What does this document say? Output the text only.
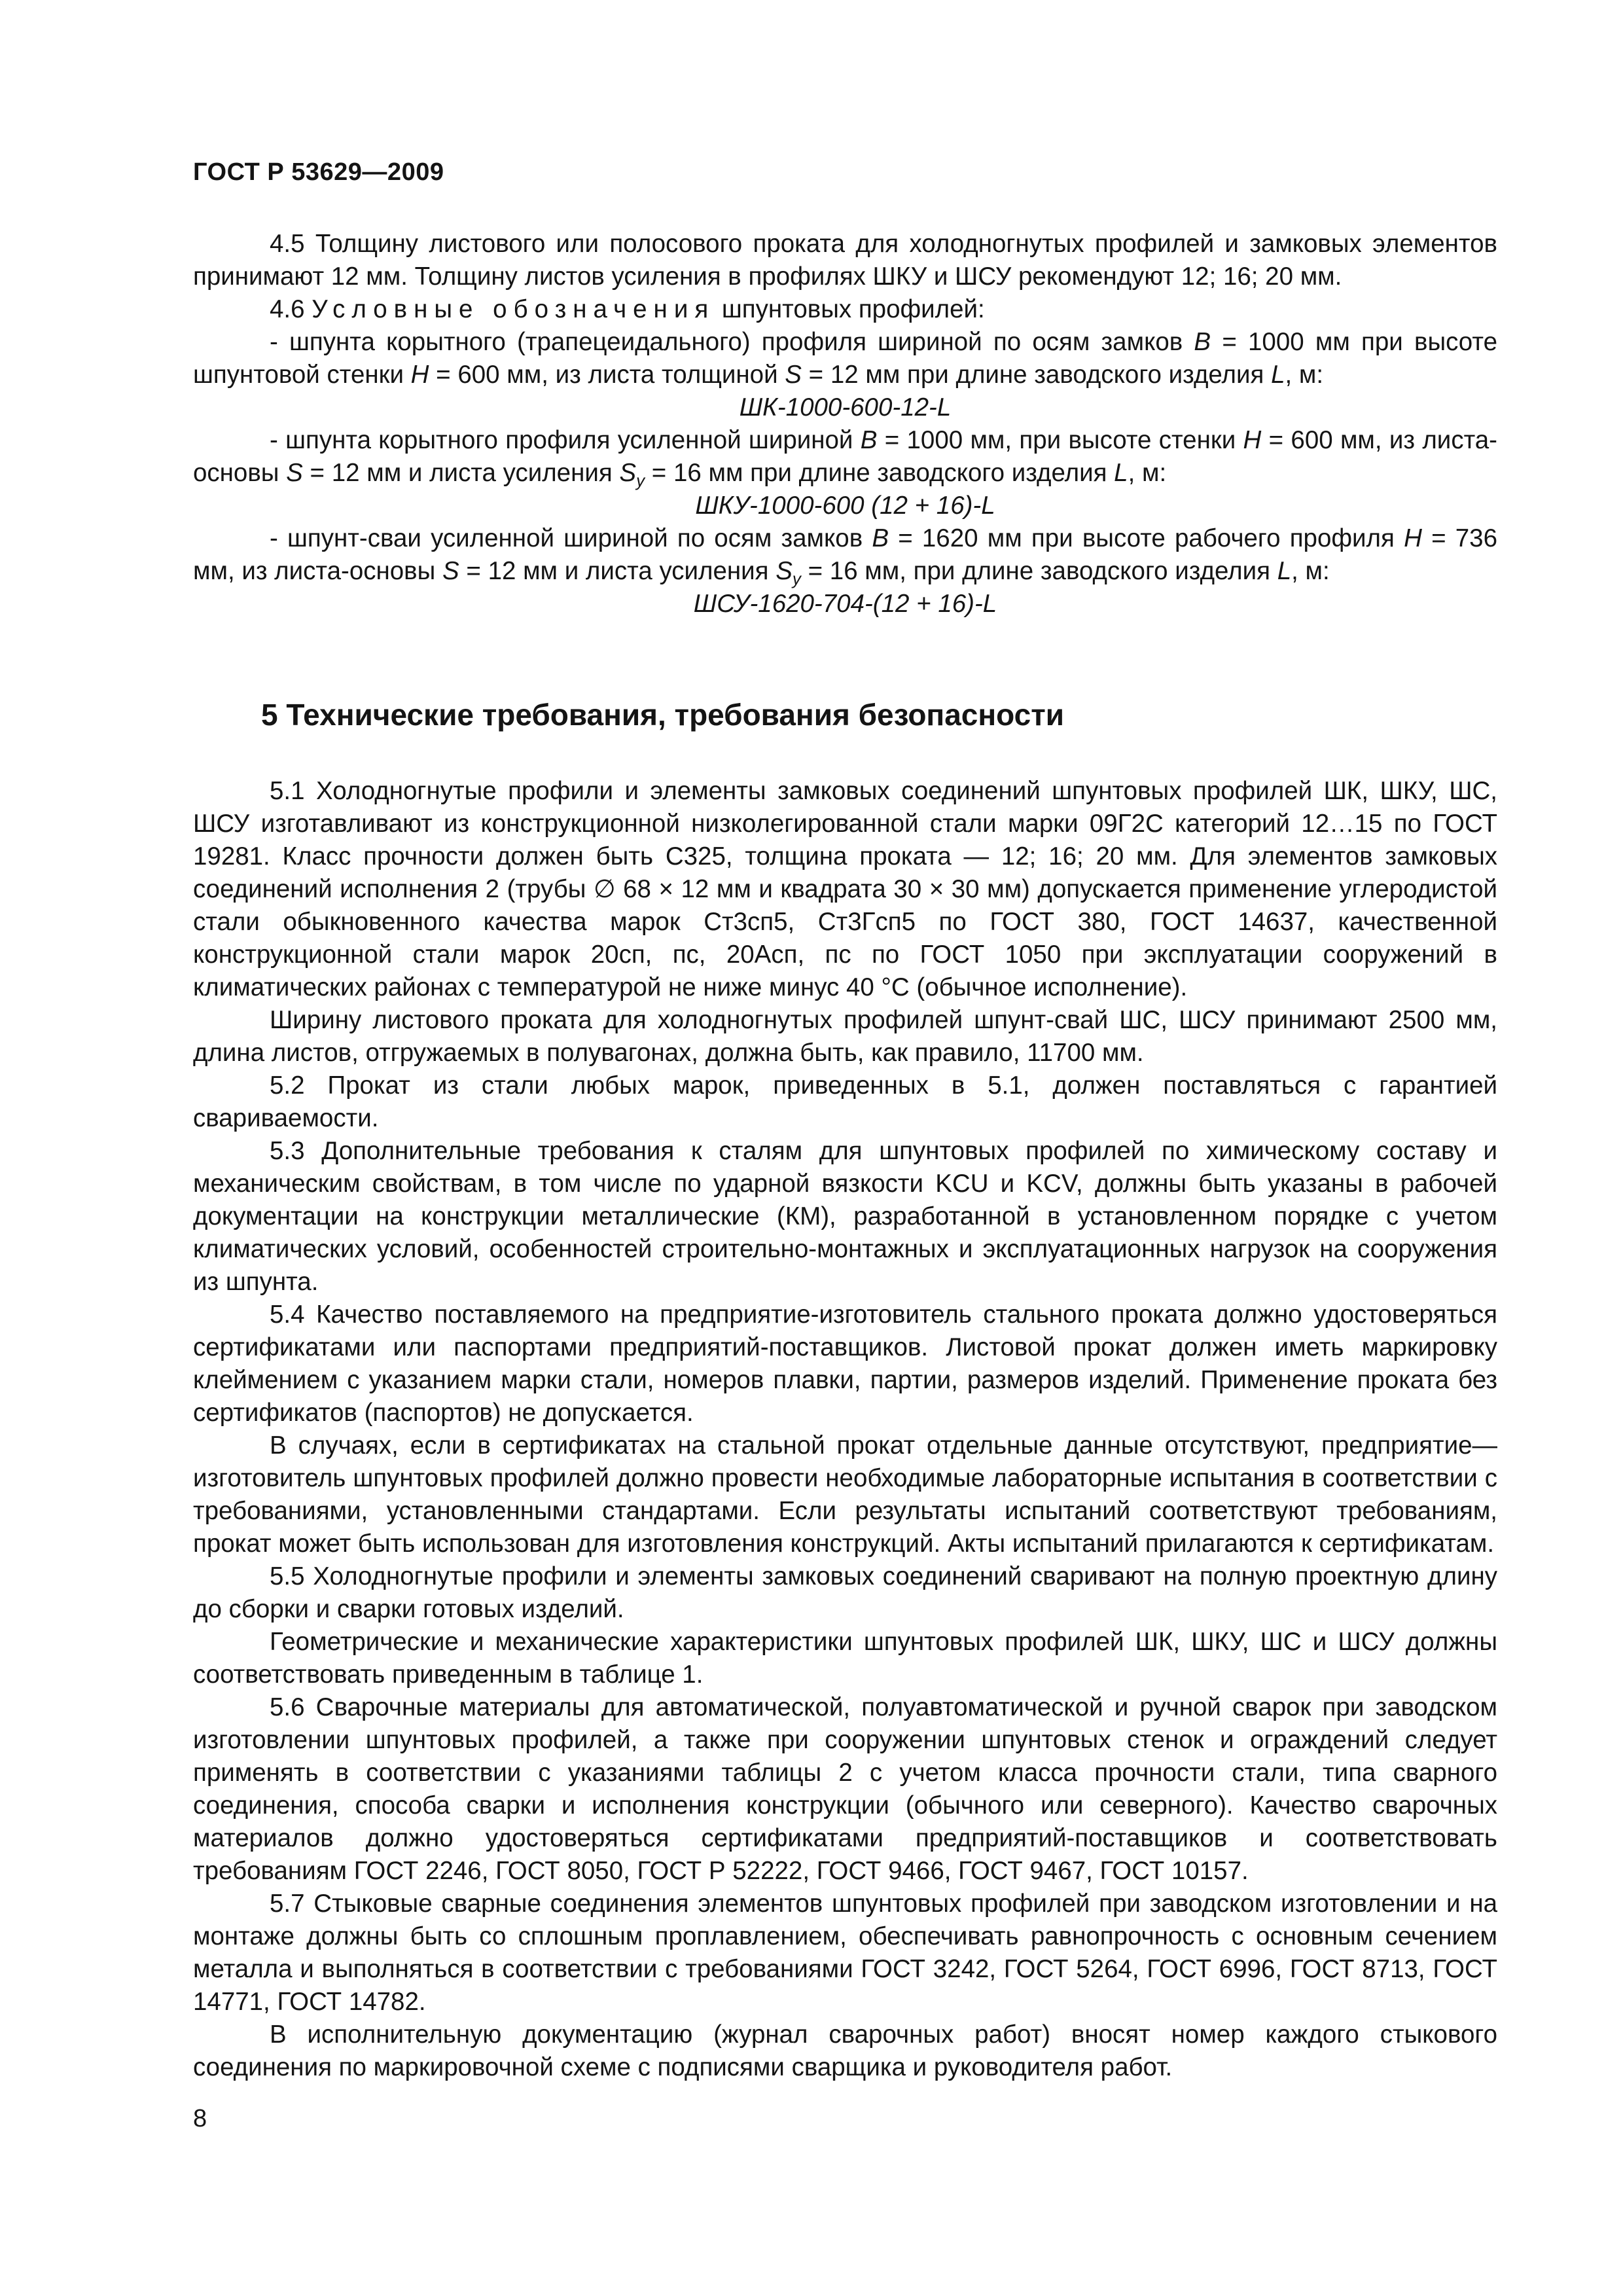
ГОСТ Р 53629—2009

4.5 Толщину листового или полосового проката для холодногнутых профилей и замковых элементов принимают 12 мм. Толщину листов усиления в профилях ШКУ и ШСУ рекомендуют 12; 16; 20 мм.

4.6 Условные обозначения шпунтовых профилей:

- шпунта корытного (трапецеидального) профиля шириной по осям замков B = 1000 мм при высоте шпунтовой стенки H = 600 мм, из листа толщиной S = 12 мм при длине заводского изделия L, м:

ШК-1000-600-12-L

- шпунта корытного профиля усиленной шириной B = 1000 мм, при высоте стенки H = 600 мм, из листа-основы S = 12 мм и листа усиления $S_y = 16$ мм при длине заводского изделия L, м:

ШКУ-1000-600 (12 + 16)-L

- шпунт-сваи усиленной шириной по осям замков B = 1620 мм при высоте рабочего профиля H = 736 мм, из листа-основы S = 12 мм и листа усиления $S_y = 16$ мм, при длине заводского изделия L, м:

ШСУ-1620-704-(12 + 16)-L

5 Технические требования, требования безопасности

5.1 Холодногнутые профили и элементы замковых соединений шпунтовых профилей ШК, ШКУ, ШС, ШСУ изготавливают из конструкционной низколегированной стали марки 09Г2С категорий 12…15 по ГОСТ 19281. Класс прочности должен быть С325, толщина проката — 12; 16; 20 мм. Для элементов замковых соединений исполнения 2 (трубы ∅ 68 × 12 мм и квадрата 30 × 30 мм) допускается применение углеродистой стали обыкновенного качества марок Ст3сп5, Ст3Гсп5 по ГОСТ 380, ГОСТ 14637, качественной конструкционной стали марок 20сп, пс, 20Асп, пс по ГОСТ 1050 при эксплуатации сооружений в климатических районах с температурой не ниже минус 40 °С (обычное исполнение).

Ширину листового проката для холодногнутых профилей шпунт-свай ШС, ШСУ принимают 2500 мм, длина листов, отгружаемых в полувагонах, должна быть, как правило, 11700 мм.

5.2 Прокат из стали любых марок, приведенных в 5.1, должен поставляться с гарантией свариваемости.

5.3 Дополнительные требования к сталям для шпунтовых профилей по химическому составу и механическим свойствам, в том числе по ударной вязкости KCU и KCV, должны быть указаны в рабочей документации на конструкции металлические (КМ), разработанной в установленном порядке с учетом климатических условий, особенностей строительно-монтажных и эксплуатационных нагрузок на сооружения из шпунта.

5.4 Качество поставляемого на предприятие-изготовитель стального проката должно удостоверяться сертификатами или паспортами предприятий-поставщиков. Листовой прокат должен иметь маркировку клеймением с указанием марки стали, номеров плавки, партии, размеров изделий. Применение проката без сертификатов (паспортов) не допускается.

В случаях, если в сертификатах на стальной прокат отдельные данные отсутствуют, предприятие—изготовитель шпунтовых профилей должно провести необходимые лабораторные испытания в соответствии с требованиями, установленными стандартами. Если результаты испытаний соответствуют требованиям, прокат может быть использован для изготовления конструкций. Акты испытаний прилагаются к сертификатам.

5.5 Холодногнутые профили и элементы замковых соединений сваривают на полную проектную длину до сборки и сварки готовых изделий.

Геометрические и механические характеристики шпунтовых профилей ШК, ШКУ, ШС и ШСУ должны соответствовать приведенным в таблице 1.

5.6 Сварочные материалы для автоматической, полуавтоматической и ручной сварок при заводском изготовлении шпунтовых профилей, а также при сооружении шпунтовых стенок и ограждений следует применять в соответствии с указаниями таблицы 2 с учетом класса прочности стали, типа сварного соединения, способа сварки и исполнения конструкции (обычного или северного). Качество сварочных материалов должно удостоверяться сертификатами предприятий-поставщиков и соответствовать требованиям ГОСТ 2246, ГОСТ 8050, ГОСТ Р 52222, ГОСТ 9466, ГОСТ 9467, ГОСТ 10157.

5.7 Стыковые сварные соединения элементов шпунтовых профилей при заводском изготовлении и на монтаже должны быть со сплошным проплавлением, обеспечивать равнопрочность с основным сечением металла и выполняться в соответствии с требованиями ГОСТ 3242, ГОСТ 5264, ГОСТ 6996, ГОСТ 8713, ГОСТ 14771, ГОСТ 14782.

В исполнительную документацию (журнал сварочных работ) вносят номер каждого стыкового соединения по маркировочной схеме с подписями сварщика и руководителя работ.

8
